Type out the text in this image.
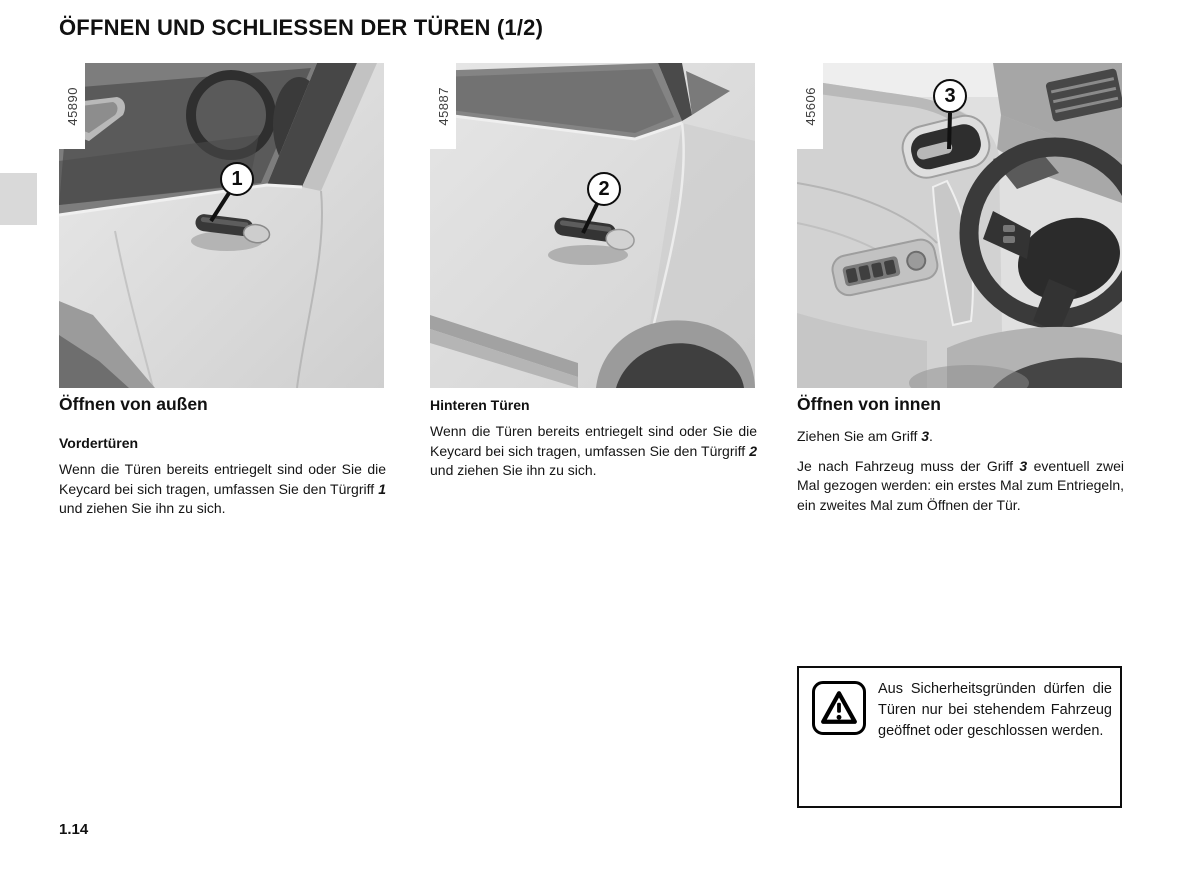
ÖFFNEN UND SCHLIESSEN DER TÜREN (1/2)
45890
1
45887
2
45606	3
Öffnen von außen
Vordertüren

Wenn die Türen bereits entriegelt sind oder Sie die Keycard bei sich tragen, umfassen Sie den Türgriff 1 und ziehen Sie ihn zu sich.

Hinteren Türen

Wenn die Türen bereits entriegelt sind oder Sie die Keycard bei sich tragen, umfassen Sie den Türgriff 2 und ziehen Sie ihn zu sich.

Öffnen von innen

Ziehen Sie am Griff 3.

Je nach Fahrzeug muss der Griff 3 eventuell zwei Mal gezogen werden: ein erstes Mal zum Entriegeln, ein zweites Mal zum Öffnen der Tür.

Aus Sicherheitsgründen dürfen die Türen nur bei stehendem Fahrzeug geöffnet oder geschlossen werden.

1.14
